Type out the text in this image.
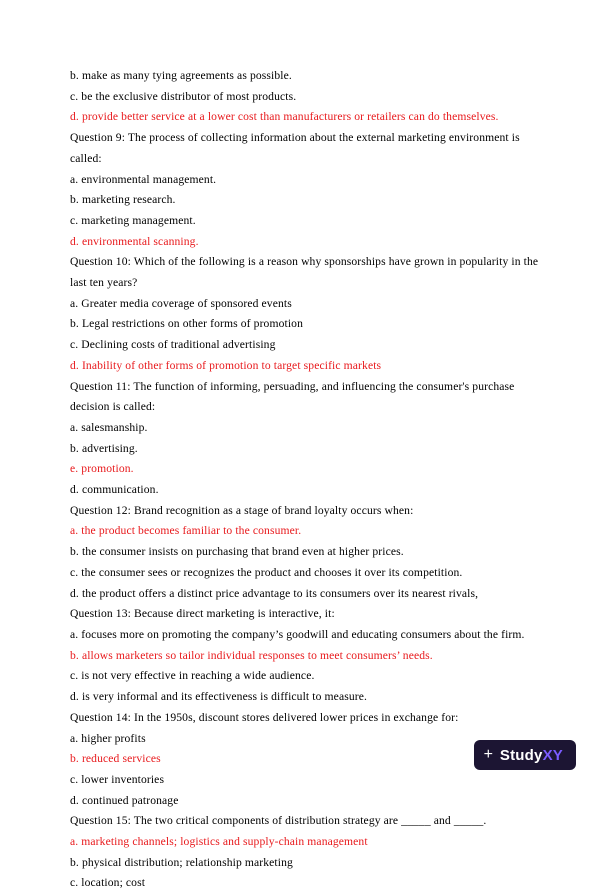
b. make as many tying agreements as possible.
c. be the exclusive distributor of most products.
d. provide better service at a lower cost than manufacturers or retailers can do themselves.
Question 9: The process of collecting information about the external marketing environment is called:
a. environmental management.
b. marketing research.
c. marketing management.
d. environmental scanning.
Question 10: Which of the following is a reason why sponsorships have grown in popularity in the last ten years?
a. Greater media coverage of sponsored events
b. Legal restrictions on other forms of promotion
c. Declining costs of traditional advertising
d. Inability of other forms of promotion to target specific markets
Question 11: The function of informing, persuading, and influencing the consumer's purchase decision is called:
a. salesmanship.
b. advertising.
e. promotion.
d. communication.
Question 12: Brand recognition as a stage of brand loyalty occurs when:
a. the product becomes familiar to the consumer.
b. the consumer insists on purchasing that brand even at higher prices.
c. the consumer sees or recognizes the product and chooses it over its competition.
d. the product offers a distinct price advantage to its consumers over its nearest rivals,
Question 13: Because direct marketing is interactive, it:
a. focuses more on promoting the company’s goodwill and educating consumers about the firm.
b. allows marketers so tailor individual responses to meet consumers’ needs.
c. is not very effective in reaching a wide audience.
d. is very informal and its effectiveness is difficult to measure.
Question 14: In the 1950s, discount stores delivered lower prices in exchange for:
a. higher profits
b. reduced services
c. lower inventories
d. continued patronage
Question 15: The two critical components of distribution strategy are _____ and _____.
a. marketing channels; logistics and supply-chain management
b. physical distribution; relationship marketing
c. location; cost
+ StudyXY
